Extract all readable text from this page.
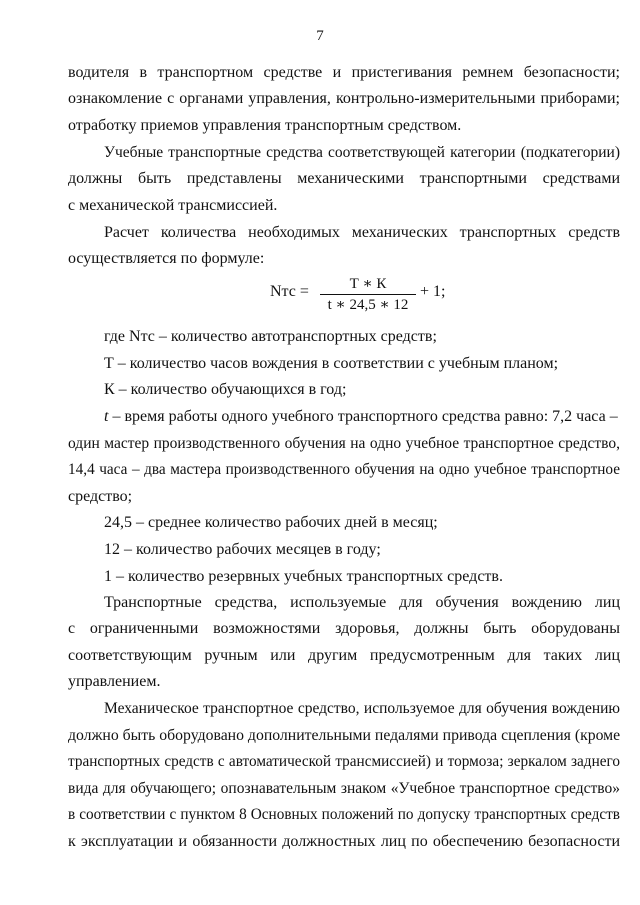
7
водителя в транспортном средстве и пристегивания ремнем безопасности;
ознакомление с органами управления, контрольно-измерительными приборами;
отработку приемов управления транспортным средством.
Учебные транспортные средства соответствующей категории (подкатегории)
должны быть представлены механическими транспортными средствами
с механической трансмиссией.
Расчет количества необходимых механических транспортных средств
осуществляется по формуле:
Nтс =	Т ∗ К
t ∗ 24,5 ∗ 12
+ 1;
где Nтс – количество автотранспортных средств;
Т – количество часов вождения в соответствии с учебным планом;
К – количество обучающихся в год;
t – время работы одного учебного транспортного средства равно: 7,2 часа –
один мастер производственного обучения на одно учебное транспортное средство,
14,4 часа – два мастера производственного обучения на одно учебное транспортное
средство;
24,5 – среднее количество рабочих дней в месяц;
12 – количество рабочих месяцев в году;
1 – количество резервных учебных транспортных средств.
Транспортные средства, используемые для обучения вождению лиц
с ограниченными возможностями здоровья, должны быть оборудованы
соответствующим ручным или другим предусмотренным для таких лиц
управлением.
Механическое транспортное средство, используемое для обучения вождению
должно быть оборудовано дополнительными педалями привода сцепления (кроме
транспортных средств с автоматической трансмиссией) и тормоза; зеркалом заднего
вида для обучающего; опознавательным знаком «Учебное транспортное средство»
в соответствии с пунктом 8 Основных положений по допуску транспортных средств
к эксплуатации и обязанности должностных лиц по обеспечению безопасности
